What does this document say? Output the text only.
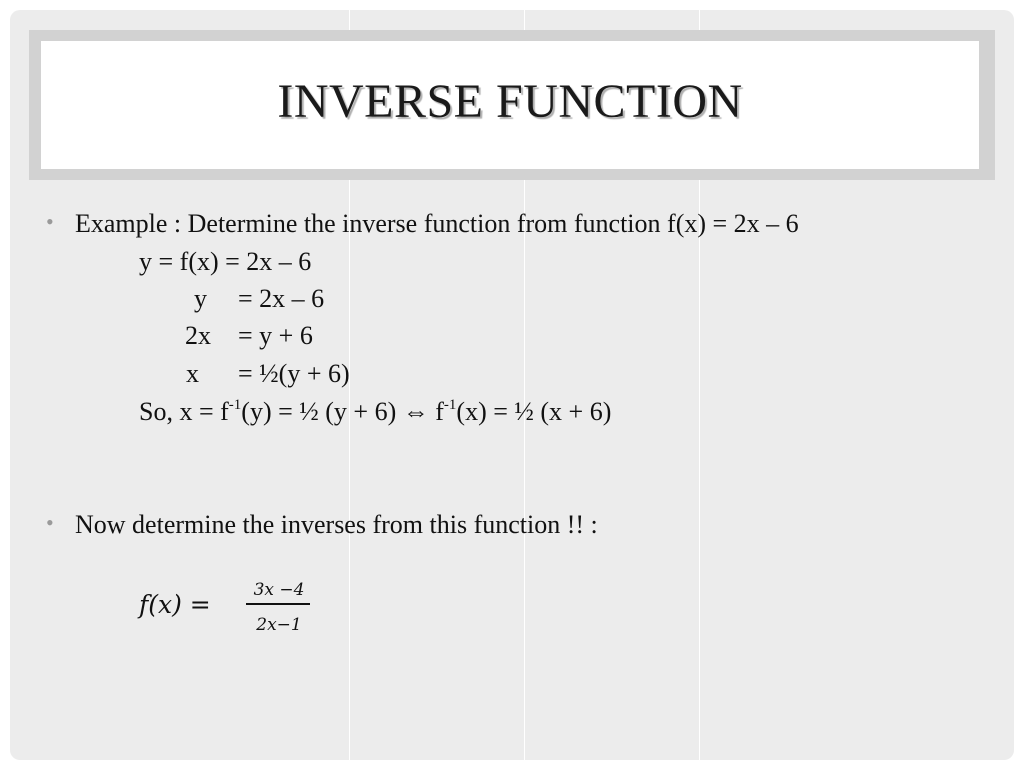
INVERSE FUNCTION
• Example : Determine the inverse function from function f(x) = 2x – 6
y = f(x) = 2x – 6
y = 2x – 6
2x = y + 6
x = ½(y + 6)
So, $x = f^{-1}(y)$ = ½ (y + 6) ⇔ $f^{-1}(x)$ = ½ (x + 6)
• Now determine the inverses from this function !! :
f(x) =	3x −4
2x−1
